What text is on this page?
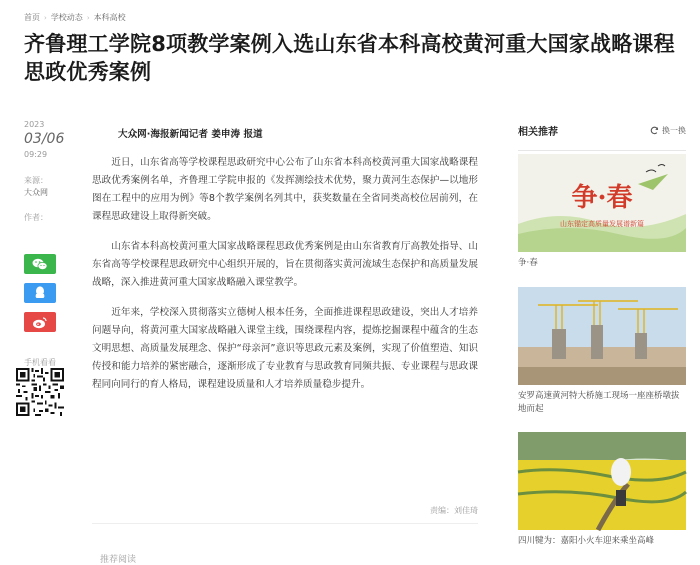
首页 › 学校动态 › 本科高校
齐鲁理工学院8项教学案例入选山东省本科高校黄河重大国家战略课程思政优秀案例
2023
03/06
09:29
来源：
大众网
作者：
手机看看
大众网·海报新闻记者 姜申涛 报道

近日，山东省高等学校课程思政研究中心公布了山东省本科高校黄河重大国家战略课程思政优秀案例名单，齐鲁理工学院申报的《发挥测绘技术优势，聚力黄河生态保护—以地形图在工程中的应用为例》等8个教学案例名列其中，获奖数量在全省同类高校位居前列，在课程思政建设上取得新突破。

山东省本科高校黄河重大国家战略课程思政优秀案例是由山东省教育厅高教处指导、山东省高等学校课程思政研究中心组织开展的，旨在贯彻落实黄河流域生态保护和高质量发展战略，深入推进黄河重大国家战略融入课堂教学。

近年来，学校深入贯彻落实立德树人根本任务，全面推进课程思政建设，突出人才培养问题导向，将黄河重大国家战略融入课堂主线，围绕课程内容，提炼挖掘课程中蕴含的生态文明思想、高质量发展理念、保护“母亲河”意识等思政元素及案例，实现了价值塑造、知识传授和能力培养的紧密融合，逐渐形成了专业教育与思政教育同频共振、专业课程与思政课程同向同行的育人格局，课程建设质量和人才培养质量稳步提升。

责编：刘佳琦
推荐阅读
相关推荐	换一换
争·春
山东锚定高质量发展谱新篇
争·春
安罗高速黄河特大桥施工现场一座座桥墩拔地而起
四川犍为：嘉阳小火车迎来乘坐高峰
